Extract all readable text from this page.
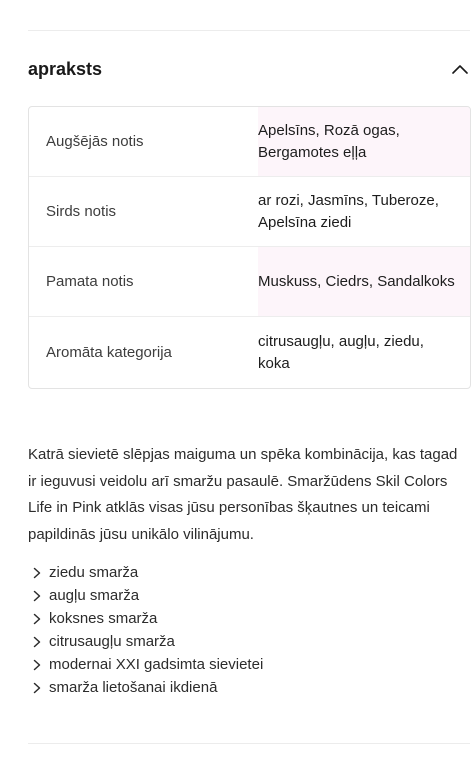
apraksts
Augšējās notis
Apelsīns, Rozā ogas, Bergamotes eļļa
Sirds notis
ar rozi, Jasmīns, Tuberoze, Apelsīna ziedi
Pamata notis	Muskuss, Ciedrs, Sandalkoks
Aromāta kategorija
citrusaugļu, augļu, ziedu, koka

Katrā sievietē slēpjas maiguma un spēka kombinācija, kas tagad ir ieguvusi veidolu arī smaržu pasaulē. Smaržūdens Skil Colors Life in Pink atklās visas jūsu personības šķautnes un teicami papildinās jūsu unikālo vilinājumu.

ziedu smarža
augļu smarža
koksnes smarža
citrusaugļu smarža
modernai XXI gadsimta sievietei
smarža lietošanai ikdienā
